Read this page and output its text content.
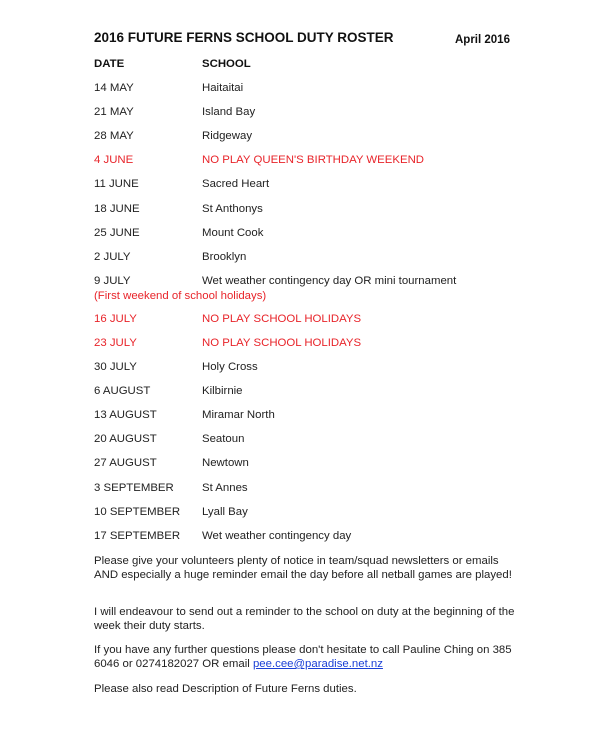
2016 FUTURE FERNS SCHOOL DUTY ROSTER	April 2016
DATE	SCHOOL
14 MAY	Haitaitai
21 MAY	Island Bay
28 MAY	Ridgeway
4 JUNE	NO PLAY QUEEN'S BIRTHDAY WEEKEND
11 JUNE	Sacred Heart
18 JUNE	St Anthonys
25 JUNE	Mount Cook
2 JULY	Brooklyn
9 JULY	Wet weather contingency day OR mini tournament
(First weekend of school holidays)
16 JULY	NO PLAY SCHOOL HOLIDAYS
23 JULY	NO PLAY SCHOOL HOLIDAYS
30 JULY	Holy Cross
6 AUGUST	Kilbirnie
13 AUGUST	Miramar North
20 AUGUST	Seatoun
27 AUGUST	Newtown
3 SEPTEMBER St Annes
10 SEPTEMBER Lyall Bay
17 SEPTEMBER Wet weather contingency day
Please give your volunteers plenty of notice in team/squad newsletters or emails AND especially a huge reminder email the day before all netball games are played!
I will endeavour to send out a reminder to the school on duty at the beginning of the week their duty starts.
If you have any further questions please don't hesitate to call Pauline Ching on 385 6046 or 0274182027 OR email pee.cee@paradise.net.nz
Please also read Description of Future Ferns duties.
